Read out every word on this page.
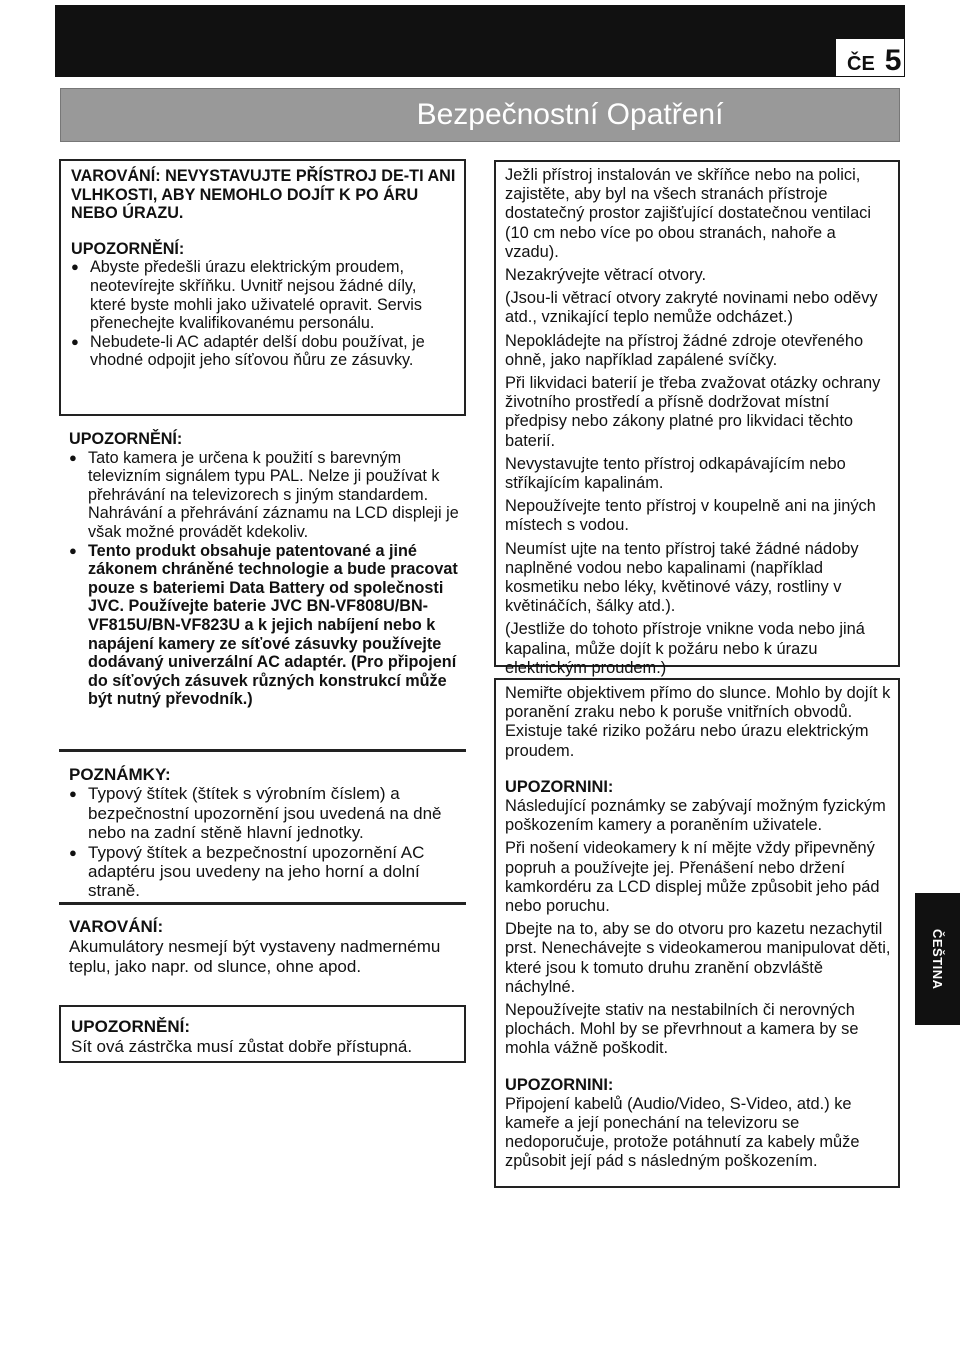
ČE 5
Bezpečnostní Opatření
VAROVÁNÍ: NEVYSTAVUJTE PŘÍSTROJ DE-TI ANI VLHKOSTI, ABY NEMOHLO DOJÍT K PO ÁRU NEBO ÚRAZU.
UPOZORNĚNÍ:
● Abyste předešli úrazu elektrickým proudem, neotevírejte skříňku. Uvnitř nejsou žádné díly, které byste mohli jako uživatelé opravit. Servis přenechejte kvalifikovanému personálu.
● Nebudete-li AC adaptér delší dobu používat, je vhodné odpojit jeho síťovou ňůru ze zásuvky.
UPOZORNĚNÍ:
● Tato kamera je určena k použití s barevným televizním signálem typu PAL. Nelze ji používat k přehrávání na televizorech s jiným standardem. Nahrávání a přehrávání záznamu na LCD displeji je však možné provádět kdekoliv.
● Tento produkt obsahuje patentované a jiné zákonem chráněné technologie a bude pracovat pouze s bateriemi Data Battery od společnosti JVC. Používejte baterie JVC BN-VF808U/BN-VF815U/BN-VF823U a k jejich nabíjení nebo k napájení kamery ze síťové zásuvky používejte dodávaný univerzální AC adaptér. (Pro připojení do síťových zásuvek různých konstrukcí může být nutný převodník.)
POZNÁMKY:
● Typový štítek (štítek s výrobním číslem) a bezpečnostní upozornění jsou uvedená na dně nebo na zadní stěně hlavní jednotky.
● Typový štítek a bezpečnostní upozornění AC adaptéru jsou uvedeny na jeho horní a dolní straně.
VAROVÁNÍ:
Akumulátory nesmejí být vystaveny nadmernému teplu, jako napr. od slunce, ohne apod.
UPOZORNĚNÍ:
Sít ová zástrčka musí zůstat dobře přístupná.

Ježli přístroj instalován ve skříňce nebo na polici, zajistěte, aby byl na všech stranách přístroje dostatečný prostor zajišťující dostatečnou ventilaci (10 cm nebo více po obou stranách, nahoře a vzadu).

Nezakrývejte větrací otvory.

(Jsou-li větrací otvory zakryté novinami nebo oděvy atd., vznikající teplo nemůže odcházet.)

Nepokládejte na přístroj žádné zdroje otevřeného ohně, jako například zapálené svíčky.

Při likvidaci baterií je třeba zvažovat otázky ochrany životního prostředí a přísně dodržovat místní předpisy nebo zákony platné pro likvidaci těchto baterií.

Nevystavujte tento přístroj odkapávajícím nebo stříkajícím kapalinám.

Nepoužívejte tento přístroj v koupelně ani na jiných místech s vodou.

Neumíst ujte na tento přístroj také žádné nádoby naplněné vodou nebo kapalinami (například kosmetiku nebo léky, květinové vázy, rostliny v květináčích, šálky atd.).

(Jestliže do tohoto přístroje vnikne voda nebo jiná kapalina, může dojít k požáru nebo k úrazu elektrickým proudem.)

Nemiřte objektivem přímo do slunce. Mohlo by dojít k poranění zraku nebo k poruše vnitřních obvodů. Existuje také riziko požáru nebo úrazu elektrickým proudem.

UPOZORNINI:

Následující poznámky se zabývají možným fyzickým poškozením kamery a poraněním uživatele.

Při nošení videokamery k ní mějte vždy připevněný popruh a používejte jej. Přenášení nebo držení kamkordéru za LCD displej může způsobit jeho pád nebo poruchu.

Dbejte na to, aby se do otvoru pro kazetu nezachytil prst. Nenechávejte s videokamerou manipulovat děti, které jsou k tomuto druhu zranění obzvláště náchylné.

Nepoužívejte stativ na nestabilních či nerovných plochách. Mohl by se převrhnout a kamera by se mohla vážně poškodit.

UPOZORNINI:

Připojení kabelů (Audio/Video, S-Video, atd.) ke kameře a její ponechání na televizoru se nedoporučuje, protože potáhnutí za kabely může způsobit její pád s následným poškozením.

ČEŠTINA
